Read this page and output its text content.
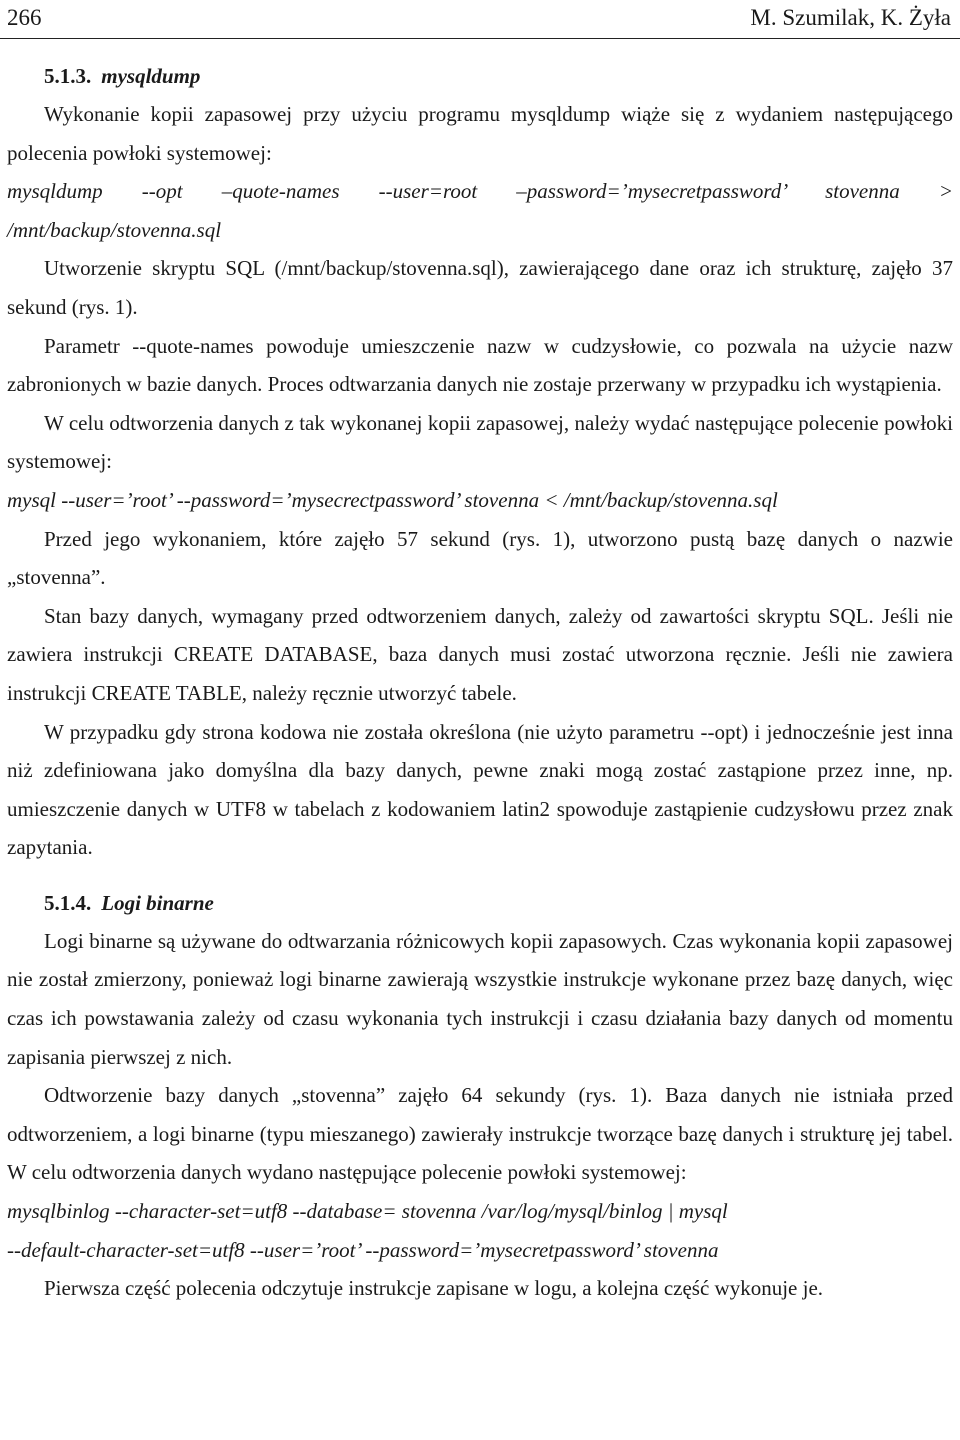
266	M. Szumilak, K. Żyła
5.1.3. mysqldump

Wykonanie kopii zapasowej przy użyciu programu mysqldump wiąże się z wydaniem następującego polecenia powłoki systemowej:

mysqldump --opt –quote-names --user=root –password=’mysecretpassword’ stovenna > /mnt/backup/stovenna.sql

Utworzenie skryptu SQL (/mnt/backup/stovenna.sql), zawierającego dane oraz ich strukturę, zajęło 37 sekund (rys. 1).

Parametr --quote-names powoduje umieszczenie nazw w cudzysłowie, co pozwala na użycie nazw zabronionych w bazie danych. Proces odtwarzania danych nie zostaje przerwany w przypadku ich wystąpienia.

W celu odtworzenia danych z tak wykonanej kopii zapasowej, należy wydać następujące polecenie powłoki systemowej:

mysql --user=’root’ --password=’mysecrectpassword’ stovenna < /mnt/backup/stovenna.sql

Przed jego wykonaniem, które zajęło 57 sekund (rys. 1), utworzono pustą bazę danych o nazwie „stovenna”.

Stan bazy danych, wymagany przed odtworzeniem danych, zależy od zawartości skryptu SQL. Jeśli nie zawiera instrukcji CREATE DATABASE, baza danych musi zostać utworzona ręcznie. Jeśli nie zawiera instrukcji CREATE TABLE, należy ręcznie utworzyć tabele.

W przypadku gdy strona kodowa nie została określona (nie użyto parametru --opt) i jednocześnie jest inna niż zdefiniowana jako domyślna dla bazy danych, pewne znaki mogą zostać zastąpione przez inne, np. umieszczenie danych w UTF8 w tabelach z kodowaniem latin2 spowoduje zastąpienie cudzysłowu przez znak zapytania.

5.1.4. Logi binarne

Logi binarne są używane do odtwarzania różnicowych kopii zapasowych. Czas wykonania kopii zapasowej nie został zmierzony, ponieważ logi binarne zawierają wszystkie instrukcje wykonane przez bazę danych, więc czas ich powstawania zależy od czasu wykonania tych instrukcji i czasu działania bazy danych od momentu zapisania pierwszej z nich.

Odtworzenie bazy danych „stovenna” zajęło 64 sekundy (rys. 1). Baza danych nie istniała przed odtworzeniem, a logi binarne (typu mieszanego) zawierały instrukcje tworzące bazę danych i strukturę jej tabel. W celu odtworzenia danych wydano następujące polecenie powłoki systemowej:

mysqlbinlog --character-set=utf8 --database= stovenna /var/log/mysql/binlog | mysql

--default-character-set=utf8 --user=’root’ --password=’mysecretpassword’ stovenna

Pierwsza część polecenia odczytuje instrukcje zapisane w logu, a kolejna część wykonuje je.
